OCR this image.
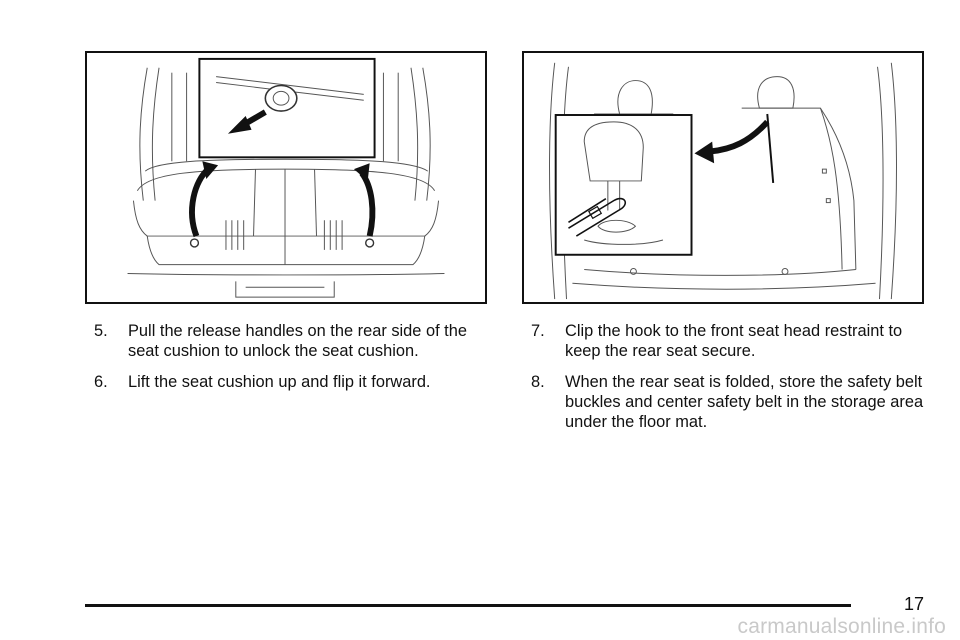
5. Pull the release handles on the rear side of the seat cushion to unlock the seat cushion.
6. Lift the seat cushion up and flip it forward.
7. Clip the hook to the front seat head restraint to keep the rear seat secure.
8. When the rear seat is folded, store the safety belt buckles and center safety belt in the storage area under the floor mat.
17
carmanualsonline.info
